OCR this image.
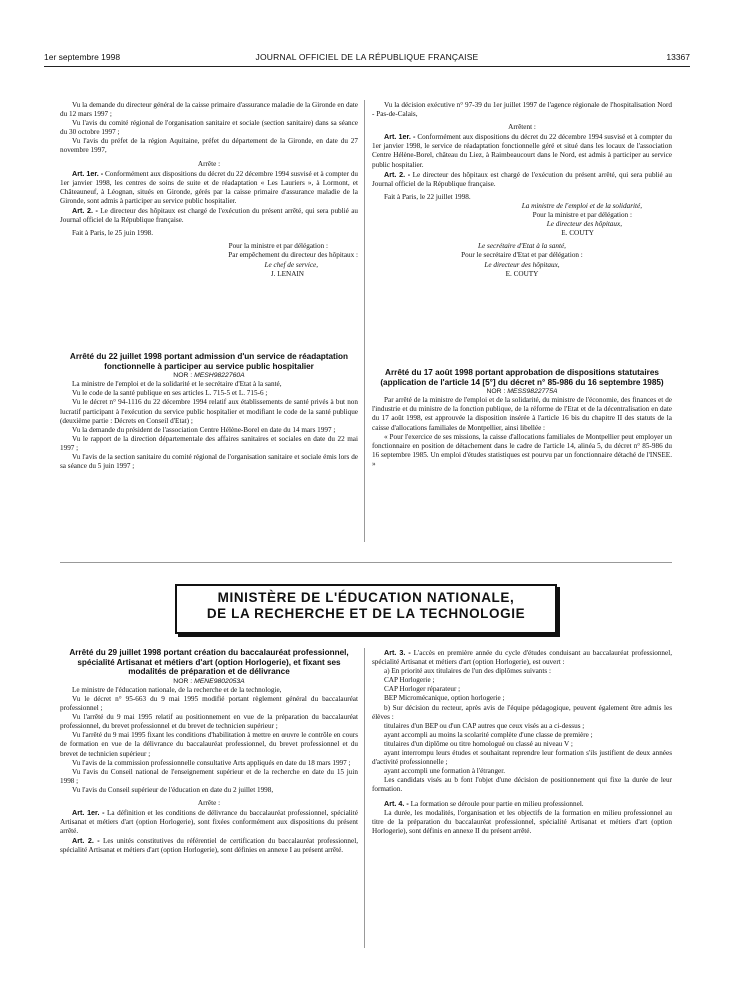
1er septembre 1998	JOURNAL OFFICIEL DE LA RÉPUBLIQUE FRANÇAISE	13367

Vu la demande du directeur général de la caisse primaire d'assurance maladie de la Gironde en date du 12 mars 1997 ;

Vu l'avis du comité régional de l'organisation sanitaire et sociale (section sanitaire) dans sa séance du 30 octobre 1997 ;

Vu l'avis du préfet de la région Aquitaine, préfet du département de la Gironde, en date du 27 novembre 1997,

Arrête :

Art. 1er. - Conformément aux dispositions du décret du 22 décembre 1994 susvisé et à compter du 1er janvier 1998, les centres de soins de suite et de réadaptation « Les Lauriers », à Lormont, et Châteauneuf, à Léognan, situés en Gironde, gérés par la caisse primaire d'assurance maladie de la Gironde, sont admis à participer au service public hospitalier.

Art. 2. - Le directeur des hôpitaux est chargé de l'exécution du présent arrêté, qui sera publié au Journal officiel de la République française.

Fait à Paris, le 25 juin 1998.

Pour la ministre et par délégation :

Par empêchement du directeur des hôpitaux :

Le chef de service,

J. LENAIN

Arrêté du 22 juillet 1998 portant admission d'un service de réadaptation fonctionnelle à participer au service public hospitalier

NOR : MESH9822760A

La ministre de l'emploi et de la solidarité et le secrétaire d'Etat à la santé,

Vu le code de la santé publique en ses articles L. 715-5 et L. 715-6 ;

Vu le décret n° 94-1116 du 22 décembre 1994 relatif aux établissements de santé privés à but non lucratif participant à l'exécution du service public hospitalier et modifiant le code de la santé publique (deuxième partie : Décrets en Conseil d'Etat) ;

Vu la demande du président de l'association Centre Hélène-Borel en date du 14 mars 1997 ;

Vu le rapport de la direction départementale des affaires sanitaires et sociales en date du 22 mai 1997 ;

Vu l'avis de la section sanitaire du comité régional de l'organisation sanitaire et sociale émis lors de sa séance du 5 juin 1997 ;

Vu la décision exécutive n° 97-39 du 1er juillet 1997 de l'agence régionale de l'hospitalisation Nord - Pas-de-Calais,

Arrêtent :

Art. 1er. - Conformément aux dispositions du décret du 22 décembre 1994 susvisé et à compter du 1er janvier 1998, le service de réadaptation fonctionnelle géré et situé dans les locaux de l'association Centre Hélène-Borel, château du Liez, à Raimbeaucourt dans le Nord, est admis à participer au service public hospitalier.

Art. 2. - Le directeur des hôpitaux est chargé de l'exécution du présent arrêté, qui sera publié au Journal officiel de la République française.

Fait à Paris, le 22 juillet 1998.

La ministre de l'emploi et de la solidarité,

Pour la ministre et par délégation :

Le directeur des hôpitaux,

E. COUTY

Le secrétaire d'Etat à la santé,

Pour le secrétaire d'Etat et par délégation :

Le directeur des hôpitaux,

E. COUTY

Arrêté du 17 août 1998 portant approbation de dispositions statutaires (application de l'article 14 [5°] du décret n° 85-986 du 16 septembre 1985)

NOR : MESS9822775A

Par arrêté de la ministre de l'emploi et de la solidarité, du ministre de l'économie, des finances et de l'industrie et du ministre de la fonction publique, de la réforme de l'Etat et de la décentralisation en date du 17 août 1998, est approuvée la disposition insérée à l'article 16 bis du chapitre II des statuts de la caisse d'allocations familiales de Montpellier, ainsi libellée :

« Pour l'exercice de ses missions, la caisse d'allocations familiales de Montpellier peut employer un fonctionnaire en position de détachement dans le cadre de l'article 14, alinéa 5, du décret n° 85-986 du 16 septembre 1985. Un emploi d'études statistiques est pourvu par un fonctionnaire détaché de l'INSEE. »

MINISTÈRE DE L'ÉDUCATION NATIONALE,
DE LA RECHERCHE ET DE LA TECHNOLOGIE

Arrêté du 29 juillet 1998 portant création du baccalauréat professionnel, spécialité Artisanat et métiers d'art (option Horlogerie), et fixant ses modalités de préparation et de délivrance

NOR : MENE9802053A

Le ministre de l'éducation nationale, de la recherche et de la technologie,

Vu le décret n° 95-663 du 9 mai 1995 modifié portant règlement général du baccalauréat professionnel ;

Vu l'arrêté du 9 mai 1995 relatif au positionnement en vue de la préparation du baccalauréat professionnel, du brevet professionnel et du brevet de technicien supérieur ;

Vu l'arrêté du 9 mai 1995 fixant les conditions d'habilitation à mettre en œuvre le contrôle en cours de formation en vue de la délivrance du baccalauréat professionnel, du brevet professionnel et du brevet de technicien supérieur ;

Vu l'avis de la commission professionnelle consultative Arts appliqués en date du 18 mars 1997 ;

Vu l'avis du Conseil national de l'enseignement supérieur et de la recherche en date du 15 juin 1998 ;

Vu l'avis du Conseil supérieur de l'éducation en date du 2 juillet 1998,

Arrête :

Art. 1er. - La définition et les conditions de délivrance du baccalauréat professionnel, spécialité Artisanat et métiers d'art (option Horlogerie), sont fixées conformément aux dispositions du présent arrêté.

Art. 2. - Les unités constitutives du référentiel de certification du baccalauréat professionnel, spécialité Artisanat et métiers d'art (option Horlogerie), sont définies en annexe I au présent arrêté.

Art. 3. - L'accès en première année du cycle d'études conduisant au baccalauréat professionnel, spécialité Artisanat et métiers d'art (option Horlogerie), est ouvert :

a) En priorité aux titulaires de l'un des diplômes suivants :

CAP Horlogerie ;

CAP Horloger réparateur ;

BEP Micromécanique, option horlogerie ;

b) Sur décision du recteur, après avis de l'équipe pédagogique, peuvent également être admis les élèves :

titulaires d'un BEP ou d'un CAP autres que ceux visés au a ci-dessus ;

ayant accompli au moins la scolarité complète d'une classe de première ;

titulaires d'un diplôme ou titre homologué ou classé au niveau V ;

ayant interrompu leurs études et souhaitant reprendre leur formation s'ils justifient de deux années d'activité professionnelle ;

ayant accompli une formation à l'étranger.

Les candidats visés au b font l'objet d'une décision de positionnement qui fixe la durée de leur formation.

Art. 4. - La formation se déroule pour partie en milieu professionnel.

La durée, les modalités, l'organisation et les objectifs de la formation en milieu professionnel au titre de la préparation du baccalauréat professionnel, spécialité Artisanat et métiers d'art (option Horlogerie), sont définis en annexe II du présent arrêté.
